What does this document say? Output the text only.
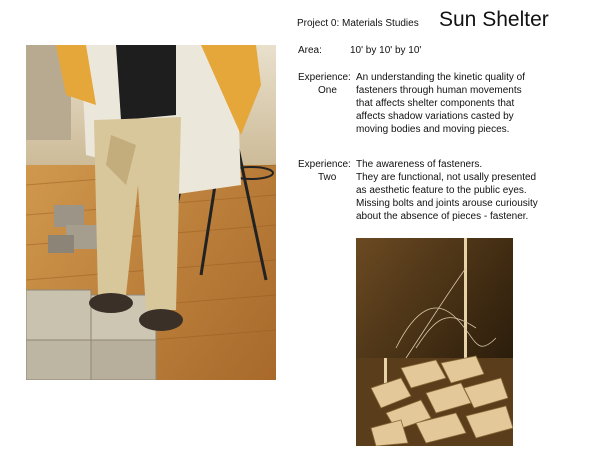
Project 0: Materials Studies Sun Shelter
Area:	10' by 10' by 10'
Experience:
One
An understanding the kinetic quality of
fasteners through human movements
that affects shelter components that
affects shadow variations casted by
moving bodies and moving pieces.
Experience:
Two
The awareness of fasteners.
They are functional, not usally presented
as aesthetic feature to the public eyes.
Missing bolts and joints arouse curiousity
about the absence of pieces - fastener.
